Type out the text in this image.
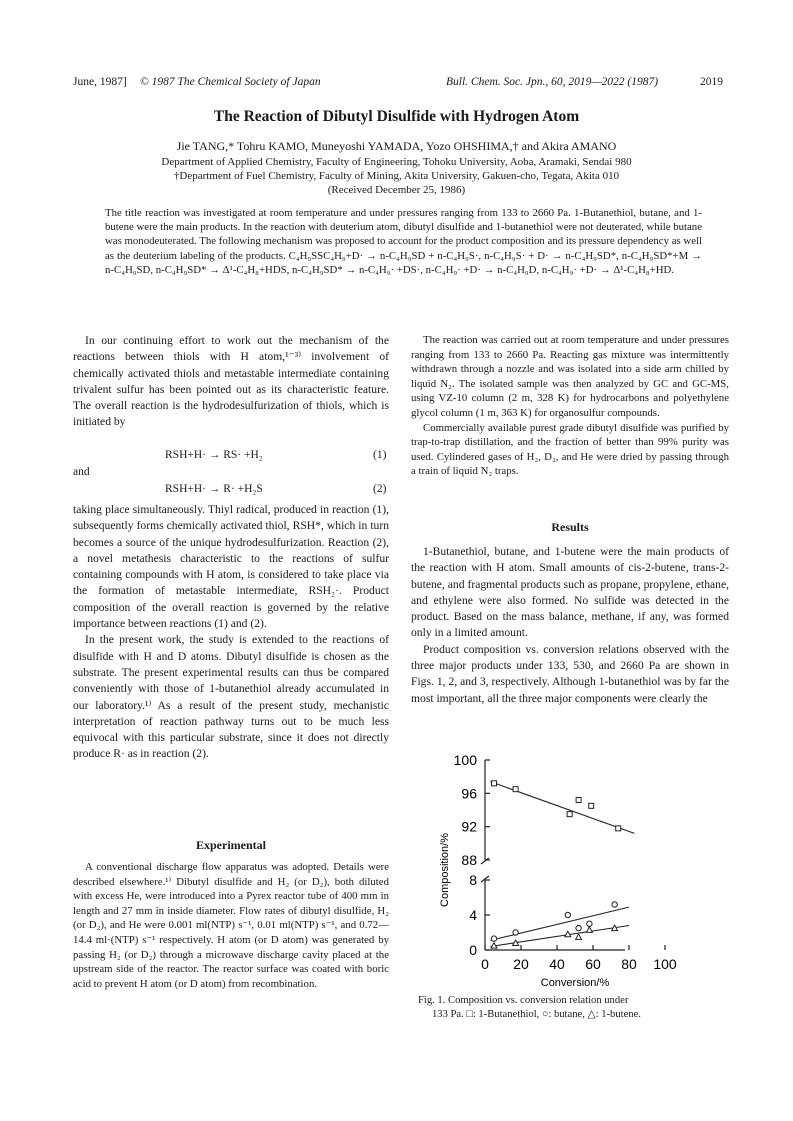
June, 1987] © 1987 The Chemical Society of Japan	Bull. Chem. Soc. Jpn., 60, 2019—2022 (1987)	2019
The Reaction of Dibutyl Disulfide with Hydrogen Atom
Jie TANG,* Tohru KAMO, Muneyoshi YAMADA, Yozo OHSHIMA,† and Akira AMANO
Department of Applied Chemistry, Faculty of Engineering, Tohoku University, Aoba, Aramaki, Sendai 980
†Department of Fuel Chemistry, Faculty of Mining, Akita University, Gakuen-cho, Tegata, Akita 010
(Received December 25, 1986)
The title reaction was investigated at room temperature and under pressures ranging from 133 to 2660 Pa. 1-Butanethiol, butane, and 1-butene were the main products. In the reaction with deuterium atom, dibutyl disulfide and 1-butanethiol were not deuterated, while butane was monodeuterated. The following mechanism was proposed to account for the product composition and its pressure dependency as well as the deuterium labeling of the products. C₄H₉SSC₄H₉+D· → n-C₄H₉SD + n-C₄H₉S·, n-C₄H₉S· + D· → n-C₄H₉SD*, n-C₄H₉SD*+M → n-C₄H₉SD, n-C₄H₉SD* → Δ¹-C₄H₈+HDS, n-C₄H₉SD* → n-C₄H₉· +DS·, n-C₄H₉· +D· → n-C₄H₉D, n-C₄H₉· +D· → Δ¹-C₄H₈+HD.

In our continuing effort to work out the mechanism of the reactions between thiols with H atom,¹⁻³⁾ involvement of chemically activated thiols and metastable intermediate containing trivalent sulfur has been pointed out as its characteristic feature. The overall reaction is the hydrodesulfurization of thiols, which is initiated by

RSH+H· → RS· +H₂	(1)
and
RSH+H· → R· +H₂S	(2)

taking place simultaneously. Thiyl radical, produced in reaction (1), subsequently forms chemically activated thiol, RSH*, which in turn becomes a source of the unique hydrodesulfurization. Reaction (2), a novel metathesis characteristic to the reactions of sulfur containing compounds with H atom, is considered to take place via the formation of metastable intermediate, RSH₂·. Product composition of the overall reaction is governed by the relative importance between reactions (1) and (2).

In the present work, the study is extended to the reactions of disulfide with H and D atoms. Dibutyl disulfide is chosen as the substrate. The present experimental results can thus be compared conveniently with those of 1-butanethiol already accumulated in our laboratory.¹⁾ As a result of the present study, mechanistic interpretation of reaction pathway turns out to be much less equivocal with this particular substrate, since it does not directly produce R· as in reaction (2).

Experimental

A conventional discharge flow apparatus was adopted. Details were described elsewhere.¹⁾ Dibutyl disulfide and H₂ (or D₂), both diluted with excess He, were introduced into a Pyrex reactor tube of 400 mm in length and 27 mm in inside diameter. Flow rates of dibutyl disulfide, H₂ (or D₂), and He were 0.001 ml(NTP) s⁻¹, 0.01 ml(NTP) s⁻¹, and 0.72—14.4 ml·(NTP) s⁻¹ respectively. H atom (or D atom) was generated by passing H₂ (or D₂) through a microwave discharge cavity placed at the upstream side of the reactor. The reactor surface was coated with boric acid to prevent H atom (or D atom) from recombination.

The reaction was carried out at room temperature and under pressures ranging from 133 to 2660 Pa. Reacting gas mixture was intermittently withdrawn through a nozzle and was isolated into a side arm chilled by liquid N₂. The isolated sample was then analyzed by GC and GC-MS, using VZ-10 column (2 m, 328 K) for hydrocarbons and polyethylene glycol column (1 m, 363 K) for organosulfur compounds.

Commercially available purest grade dibutyl disulfide was purified by trap-to-trap distillation, and the fraction of better than 99% purity was used. Cylindered gases of H₂, D₂, and He were dried by passing through a train of liquid N₂ traps.

Results

1-Butanethiol, butane, and 1-butene were the main products of the reaction with H atom. Small amounts of cis-2-butene, trans-2-butene, and fragmental products such as propane, propylene, ethane, and ethylene were also formed. No sulfide was detected in the product. Based on the mass balance, methane, if any, was formed only in a limited amount.

Product composition vs. conversion relations observed with the three major products under 133, 530, and 2660 Pa are shown in Figs. 1, 2, and 3, respectively. Although 1-butanethiol was by far the most important, all the three major components were clearly the

88
92
96
100
0
4
8
0 20 40 60 80 100
Conversion/%
Composition/%
Fig. 1. Composition vs. conversion relation under
133 Pa. □: 1-Butanethiol, ○: butane, △: 1-butene.
